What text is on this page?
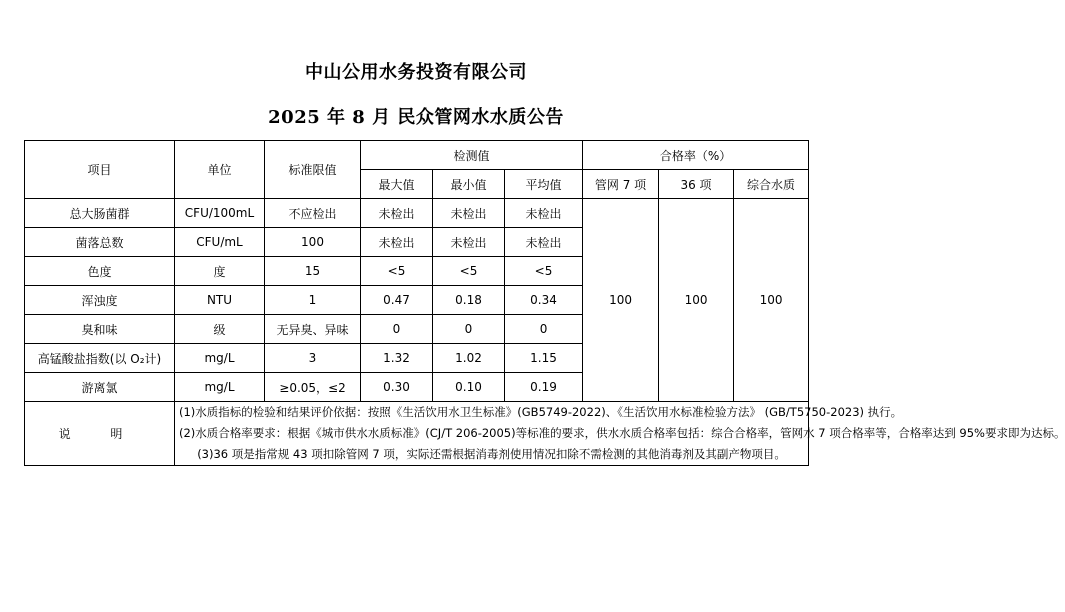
中山公用水务投资有限公司
2025 年 8 月 民众管网水水质公告
项目	单位	标准限值	检测值			合格率（%）		
			最大值	最小值	平均值	管网 7 项	36 项	综合水质
总大肠菌群	CFU/100mL	不应检出	未检出	未检出	未检出	100	100	100
菌落总数	CFU/mL	100	未检出	未检出	未检出			
色度	度	15	<5	<5	<5			
浑浊度	NTU	1	0.47	0.18	0.34			
臭和味	级	无异臭、异味	0	0	0			
高锰酸盐指数(以 O₂计)	mg/L	3	1.32	1.02	1.15			
游离氯	mg/L	≥0.05，≤2	0.30	0.10	0.19			
说 明	(1)水质指标的检验和结果评价依据：按照《生活饮用水卫生标准》(GB5749-2022)、《生活饮用水标准检验方法》 (GB/T5750-2023) 执行。
(2)水质合格率要求：根据《城市供水水质标准》(CJ/T 206-2005)等标准的要求，供水水质合格率包括：综合合格率，管网水 7 项合格率等，合格率达到 95%要求即为达标。
(3)36 项是指常规 43 项扣除管网 7 项，实际还需根据消毒剂使用情况扣除不需检测的其他消毒剂及其副产物项目。							
